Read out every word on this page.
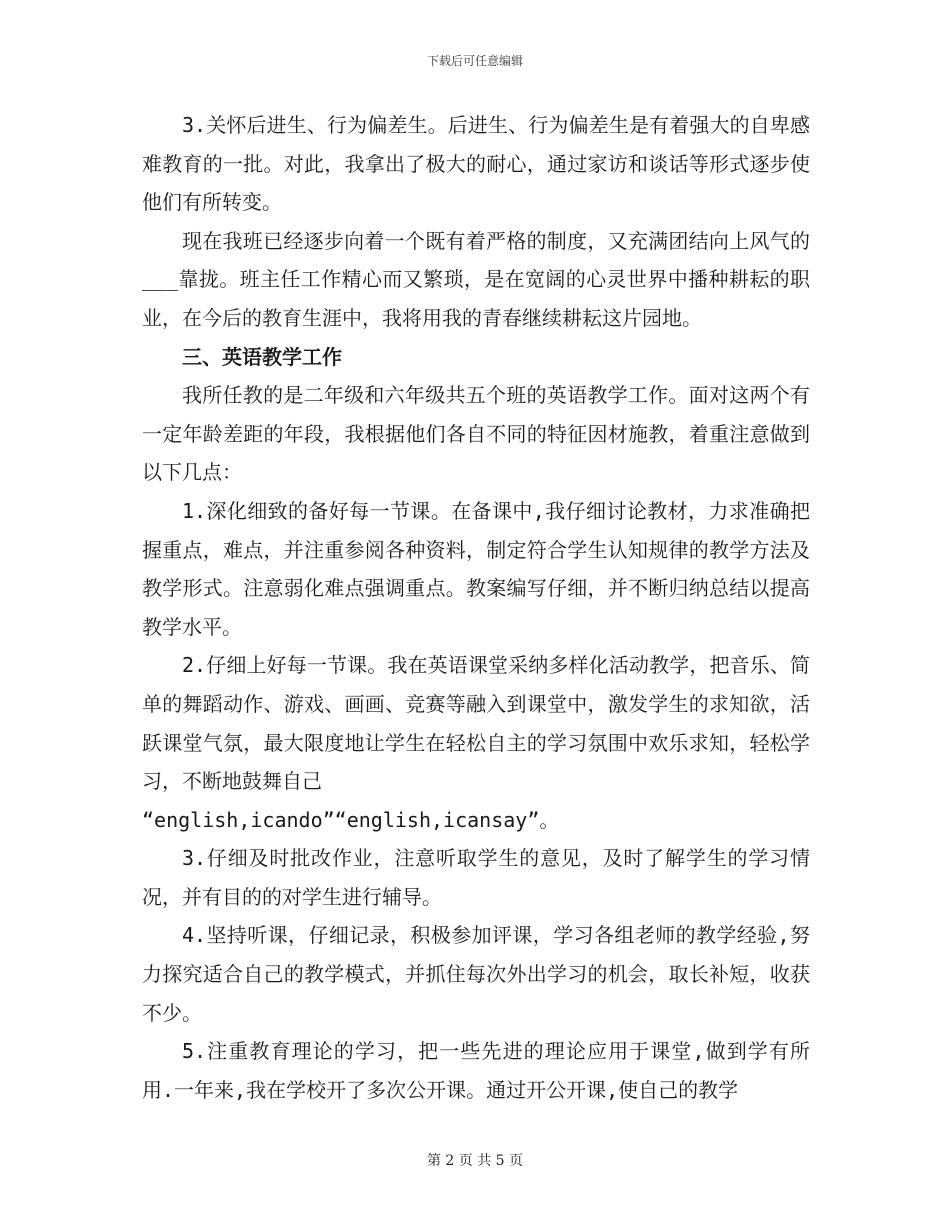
下载后可任意编辑

3.关怀后进生、行为偏差生。后进生、行为偏差生是有着强大的自卑感难教育的一批。对此，我拿出了极大的耐心，通过家访和谈话等形式逐步使他们有所转变。

现在我班已经逐步向着一个既有着严格的制度，又充满团结向上风气的___靠拢。班主任工作精心而又繁琐，是在宽阔的心灵世界中播种耕耘的职业，在今后的教育生涯中，我将用我的青春继续耕耘这片园地。

三、英语教学工作

我所任教的是二年级和六年级共五个班的英语教学工作。面对这两个有一定年龄差距的年段，我根据他们各自不同的特征因材施教，着重注意做到以下几点：

1.深化细致的备好每一节课。在备课中,我仔细讨论教材，力求准确把握重点，难点，并注重参阅各种资料，制定符合学生认知规律的教学方法及教学形式。注意弱化难点强调重点。教案编写仔细，并不断归纳总结以提高教学水平。

2.仔细上好每一节课。我在英语课堂采纳多样化活动教学，把音乐、简单的舞蹈动作、游戏、画画、竞赛等融入到课堂中，激发学生的求知欲，活跃课堂气氛，最大限度地让学生在轻松自主的学习氛围中欢乐求知，轻松学习，不断地鼓舞自己

“english,icando”“english,icansay”。

3.仔细及时批改作业，注意听取学生的意见，及时了解学生的学习情况，并有目的的对学生进行辅导。

4.坚持听课，仔细记录，积极参加评课，学习各组老师的教学经验,努力探究适合自己的教学模式，并抓住每次外出学习的机会，取长补短，收获不少。

5.注重教育理论的学习，把一些先进的理论应用于课堂,做到学有所用.一年来,我在学校开了多次公开课。通过开公开课,使自己的教学

第 2 页 共 5 页
